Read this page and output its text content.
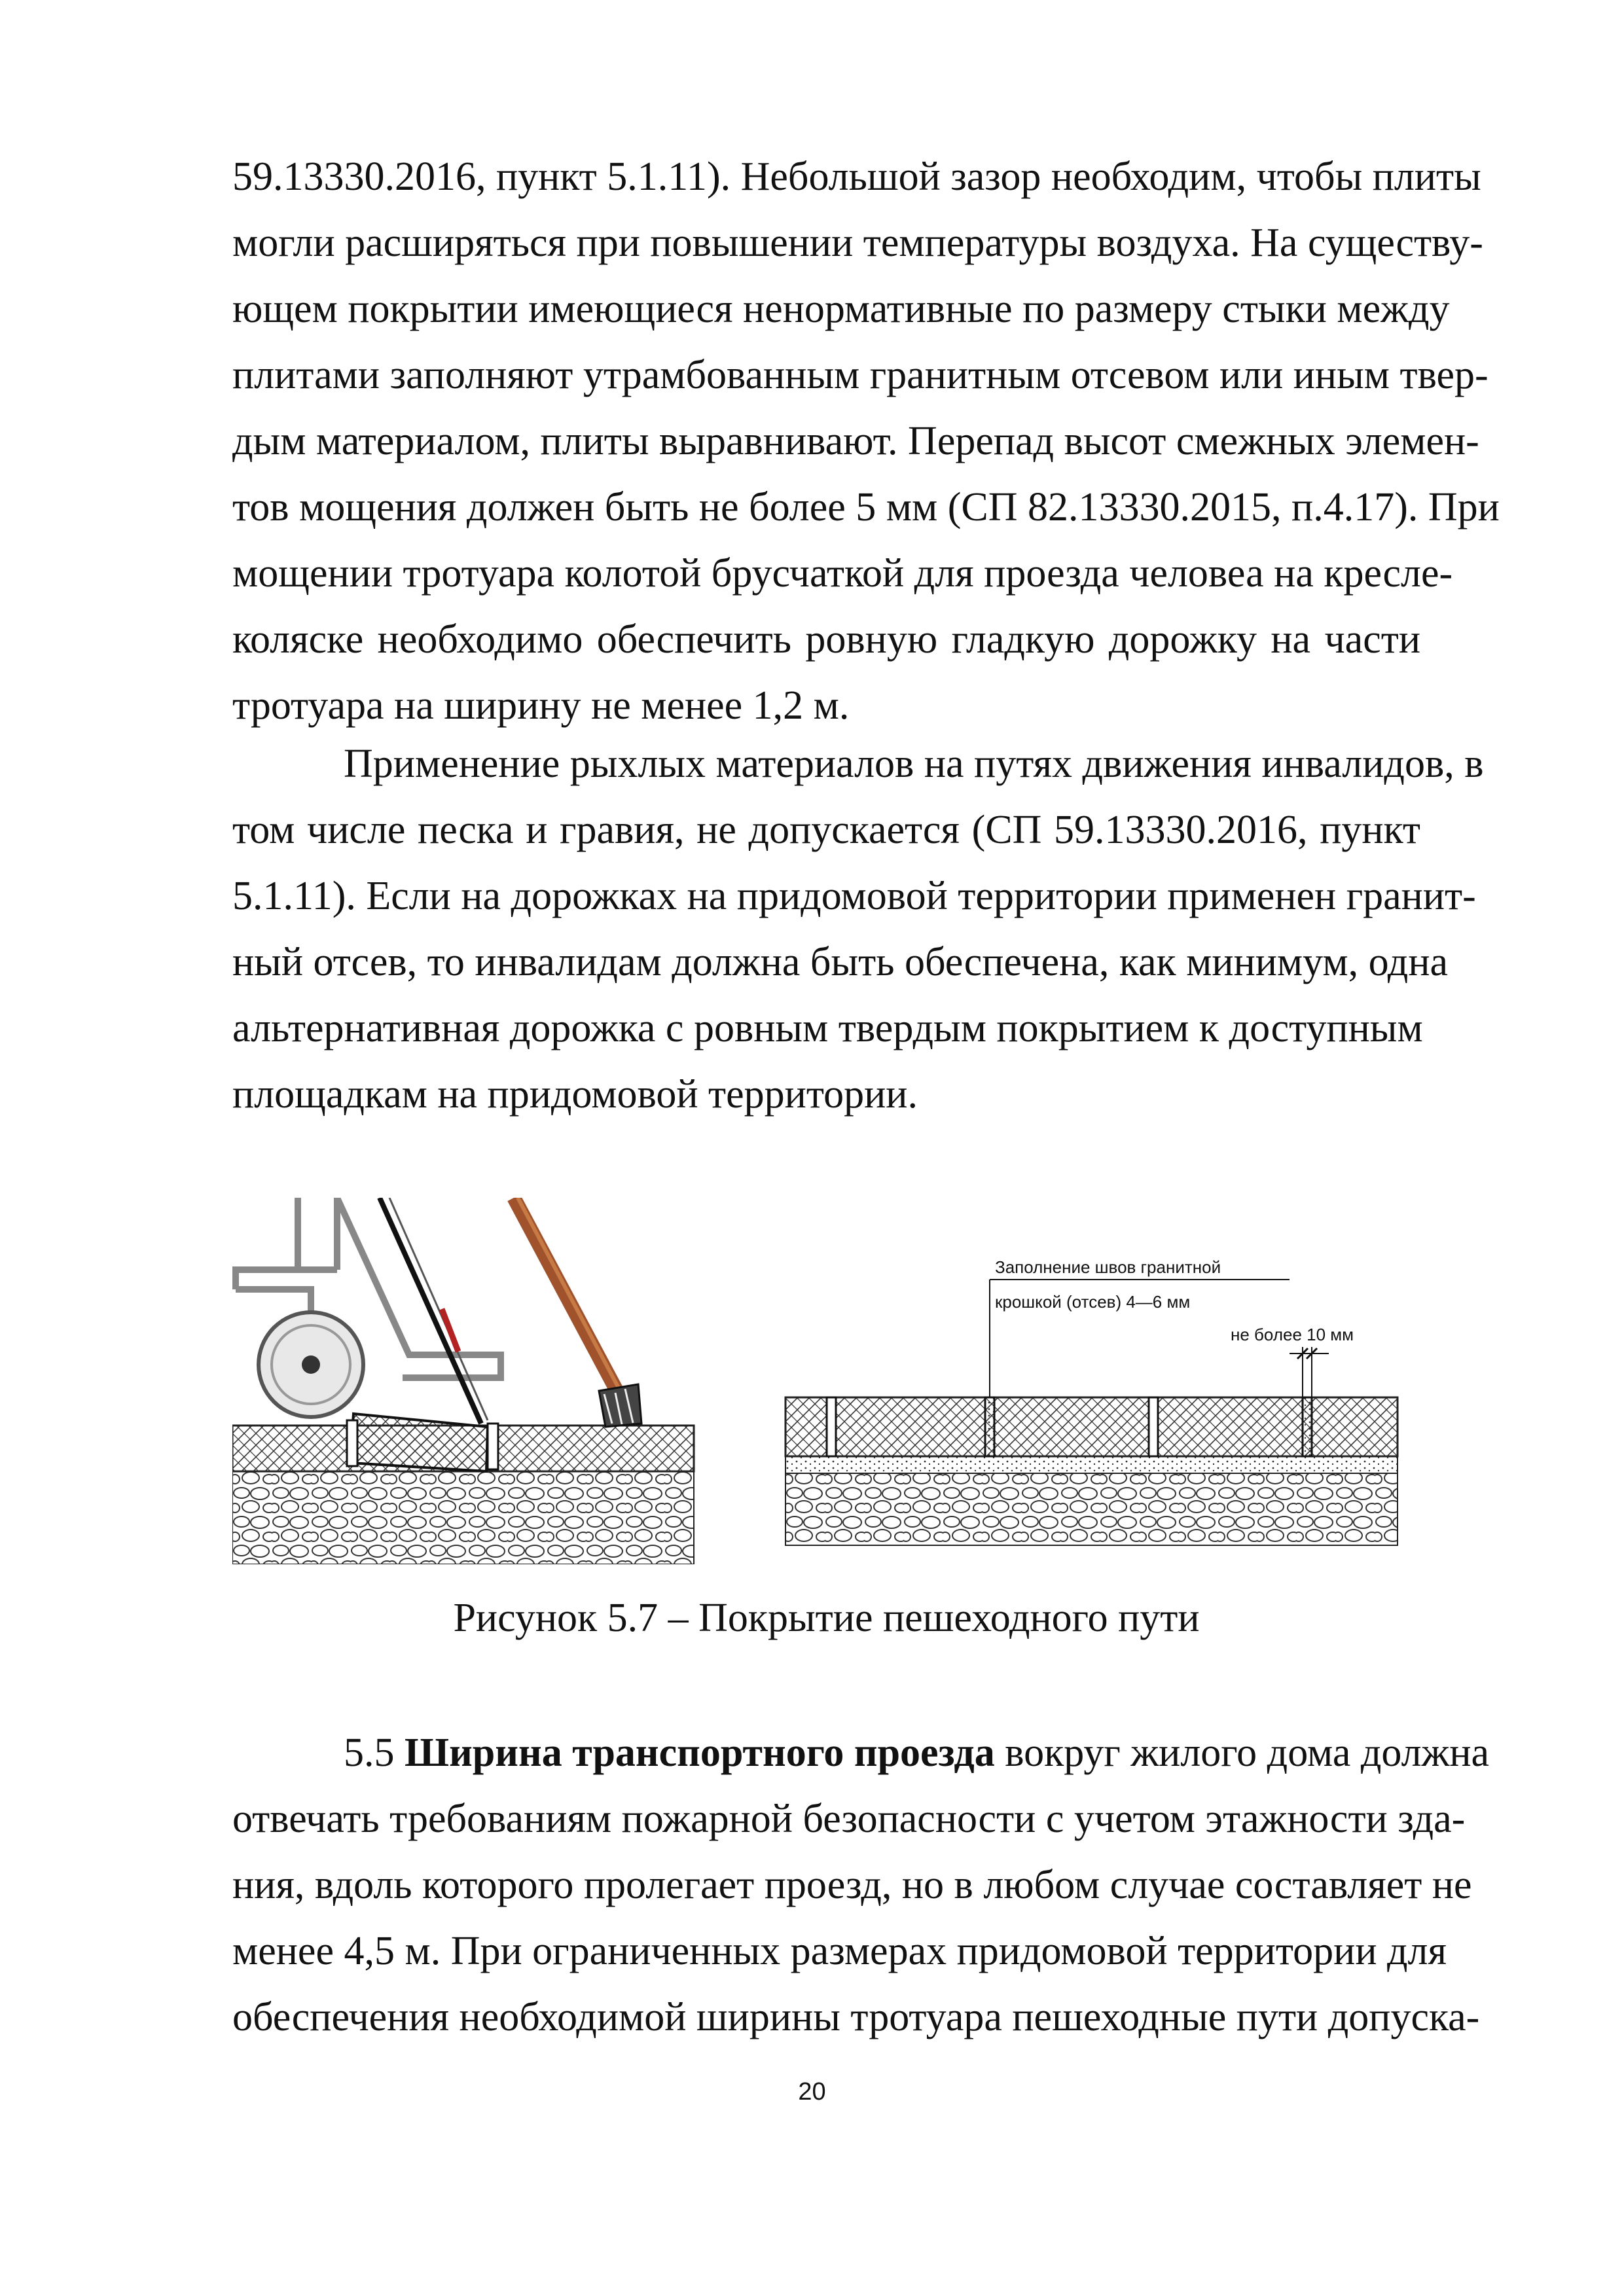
59.13330.2016, пункт 5.1.11). Небольшой зазор необходим, чтобы плиты
могли расширяться при повышении температуры воздуха. На существу-
ющем покрытии имеющиеся ненормативные по размеру стыки между
плитами заполняют утрамбованным гранитным отсевом или иным твер-
дым материалом, плиты выравнивают. Перепад высот смежных элемен-
тов мощения должен быть не более 5 мм (СП 82.13330.2015, п.4.17). При
мощении тротуара колотой брусчаткой для проезда человеа на кресле-
коляске необходимо обеспечить ровную гладкую дорожку на части
тротуара на ширину не менее 1,2 м.

Применение рыхлых материалов на путях движения инвалидов, в
том числе песка и гравия, не допускается (СП 59.13330.2016, пункт
5.1.11). Если на дорожках на придомовой территории применен гранит-
ный отсев, то инвалидам должна быть обеспечена, как минимум, одна
альтернативная дорожка с ровным твердым покрытием к доступным
площадкам на придомовой территории.

Заполнение швов гранитной
крошкой (отсев) 4—6 мм
не более 10 мм
Рисунок 5.7 – Покрытие пешеходного пути

5.5 Ширина транспортного проезда вокруг жилого дома должна
отвечать требованиям пожарной безопасности с учетом этажности зда-
ния, вдоль которого пролегает проезд, но в любом случае составляет не
менее 4,5 м. При ограниченных размерах придомовой территории для
обеспечения необходимой ширины тротуара пешеходные пути допуска-

20
